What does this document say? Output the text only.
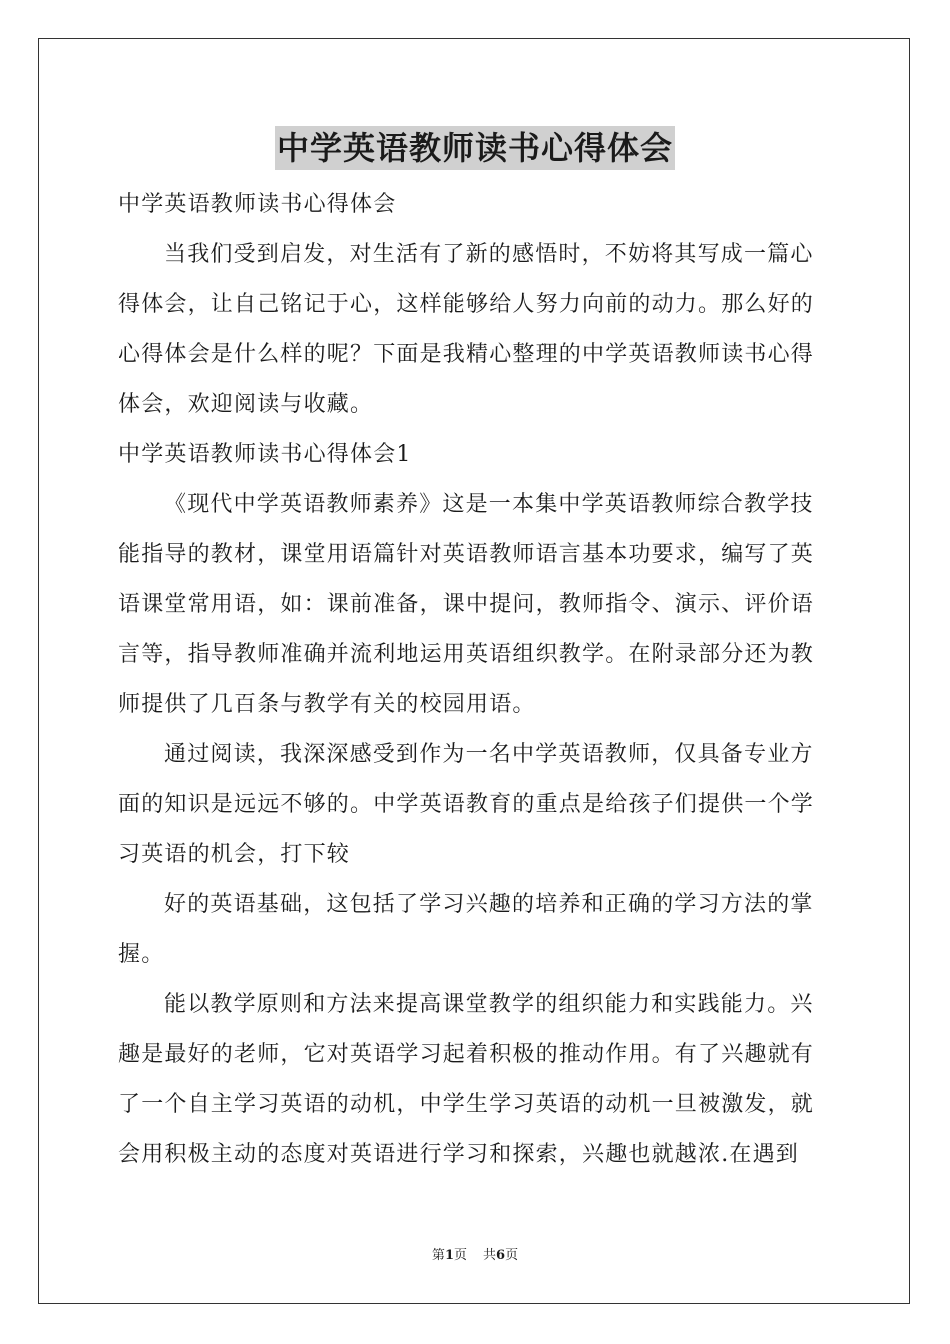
中学英语教师读书心得体会
中学英语教师读书心得体会
当我们受到启发，对生活有了新的感悟时，不妨将其写成一篇心
得体会，让自己铭记于心，这样能够给人努力向前的动力。那么好的
心得体会是什么样的呢？下面是我精心整理的中学英语教师读书心得
体会，欢迎阅读与收藏。
中学英语教师读书心得体会1
《现代中学英语教师素养》这是一本集中学英语教师综合教学技
能指导的教材，课堂用语篇针对英语教师语言基本功要求，编写了英
语课堂常用语，如：课前准备，课中提问，教师指令、演示、评价语
言等，指导教师准确并流利地运用英语组织教学。在附录部分还为教
师提供了几百条与教学有关的校园用语。
通过阅读，我深深感受到作为一名中学英语教师，仅具备专业方
面的知识是远远不够的。中学英语教育的重点是给孩子们提供一个学
习英语的机会，打下较
好的英语基础，这包括了学习兴趣的培养和正确的学习方法的掌
握。
能以教学原则和方法来提高课堂教学的组织能力和实践能力。兴
趣是最好的老师，它对英语学习起着积极的推动作用。有了兴趣就有
了一个自主学习英语的动机，中学生学习英语的动机一旦被激发，就
会用积极主动的态度对英语进行学习和探索，兴趣也就越浓.在遇到
第1页 共6页
